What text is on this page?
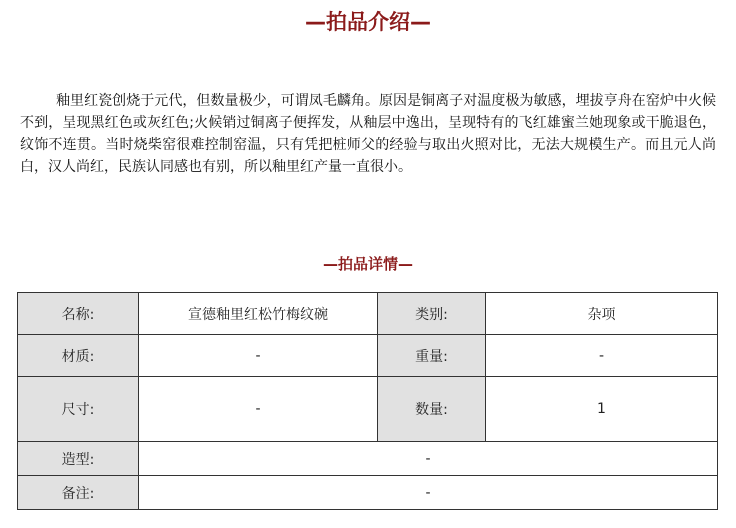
—拍品介绍—

釉里红瓷创烧于元代，但数量极少，可谓凤毛麟角。原因是铜离子对温度极为敏感，埋拔亨舟在窑炉中火候不到，呈现黑红色或灰红色;火候销过铜离子便挥发，从釉层中逸出，呈现特有的飞红雄蜜兰她现象或干脆退色，纹饰不连贯。当时烧柴窑很难控制窑温，只有凭把桩师父的经验与取出火照对比，无法大规模生产。而且元人尚白，汉人尚红，民族认同感也有别，所以釉里红产量一直很小。

—拍品详情—
名称:	宣德釉里红松竹梅纹碗	类别:	杂项
材质:	-	重量:	-
尺寸:	-	数量:	1
造型:	-		
备注:	-		
